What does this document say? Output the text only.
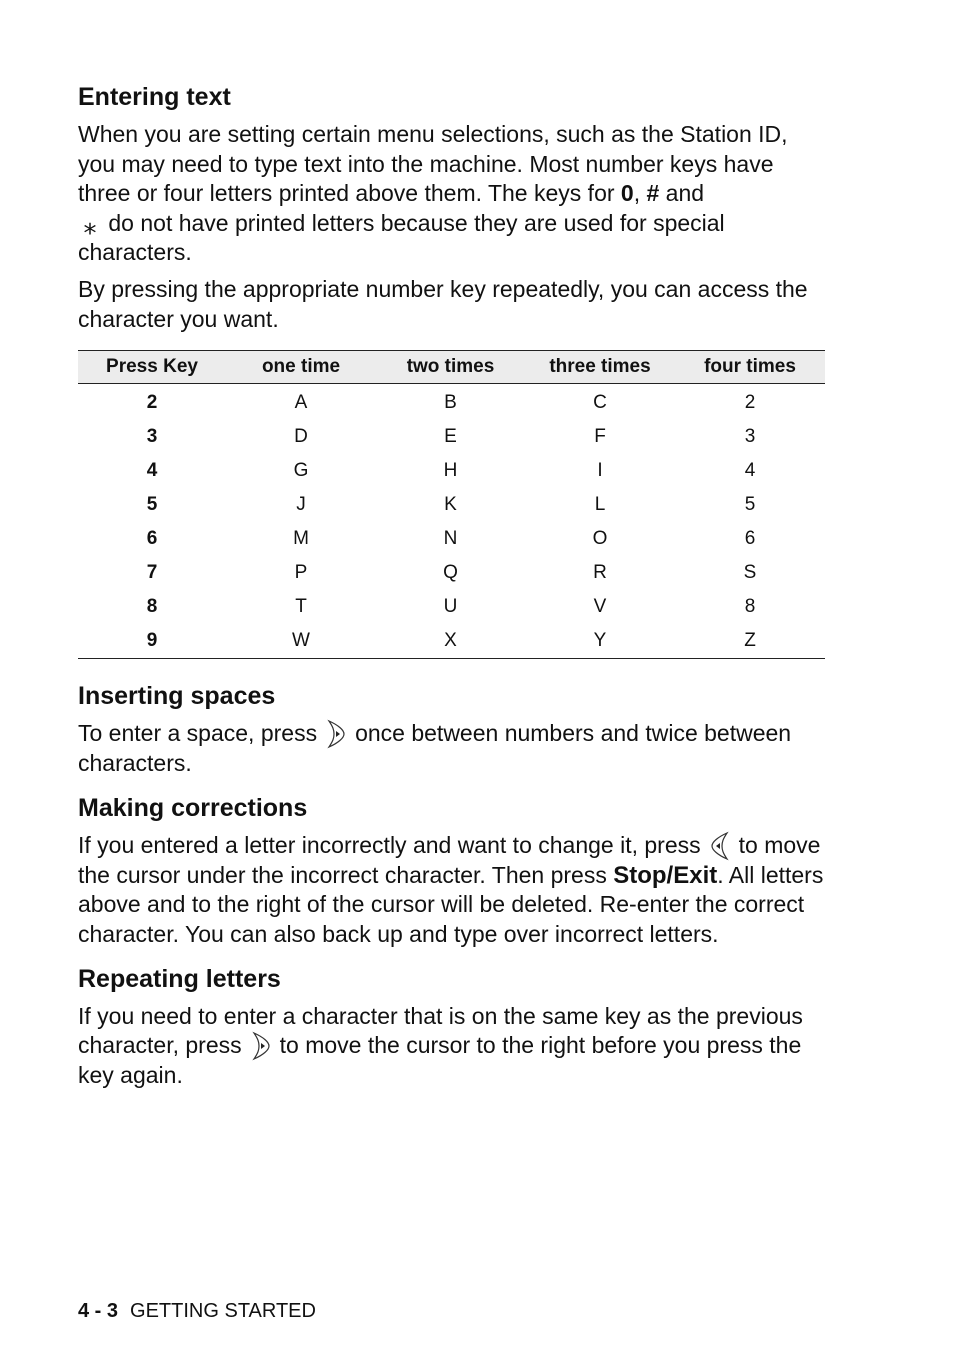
Entering text

When you are setting certain menu selections, such as the Station ID, you may need to type text into the machine. Most number keys have three or four letters printed above them. The keys for 0, # and
⁎ do not have printed letters because they are used for special characters.

By pressing the appropriate number key repeatedly, you can access the character you want.

Press Key	one time	two times	three times	four times
2	A	B	C	2
3	D	E	F	3
4	G	H	I	4
5	J	K	L	5
6	M	N	O	6
7	P	Q	R	S
8	T	U	V	8
9	W	X	Y	Z
Inserting spaces

To enter a space, press once between numbers and twice between characters.

Making corrections

If you entered a letter incorrectly and want to change it, press to move the cursor under the incorrect character. Then press Stop/Exit. All letters above and to the right of the cursor will be deleted. Re-enter the correct character. You can also back up and type over incorrect letters.

Repeating letters

If you need to enter a character that is on the same key as the previous character, press to move the cursor to the right before you press the key again.

4 - 3 GETTING STARTED
